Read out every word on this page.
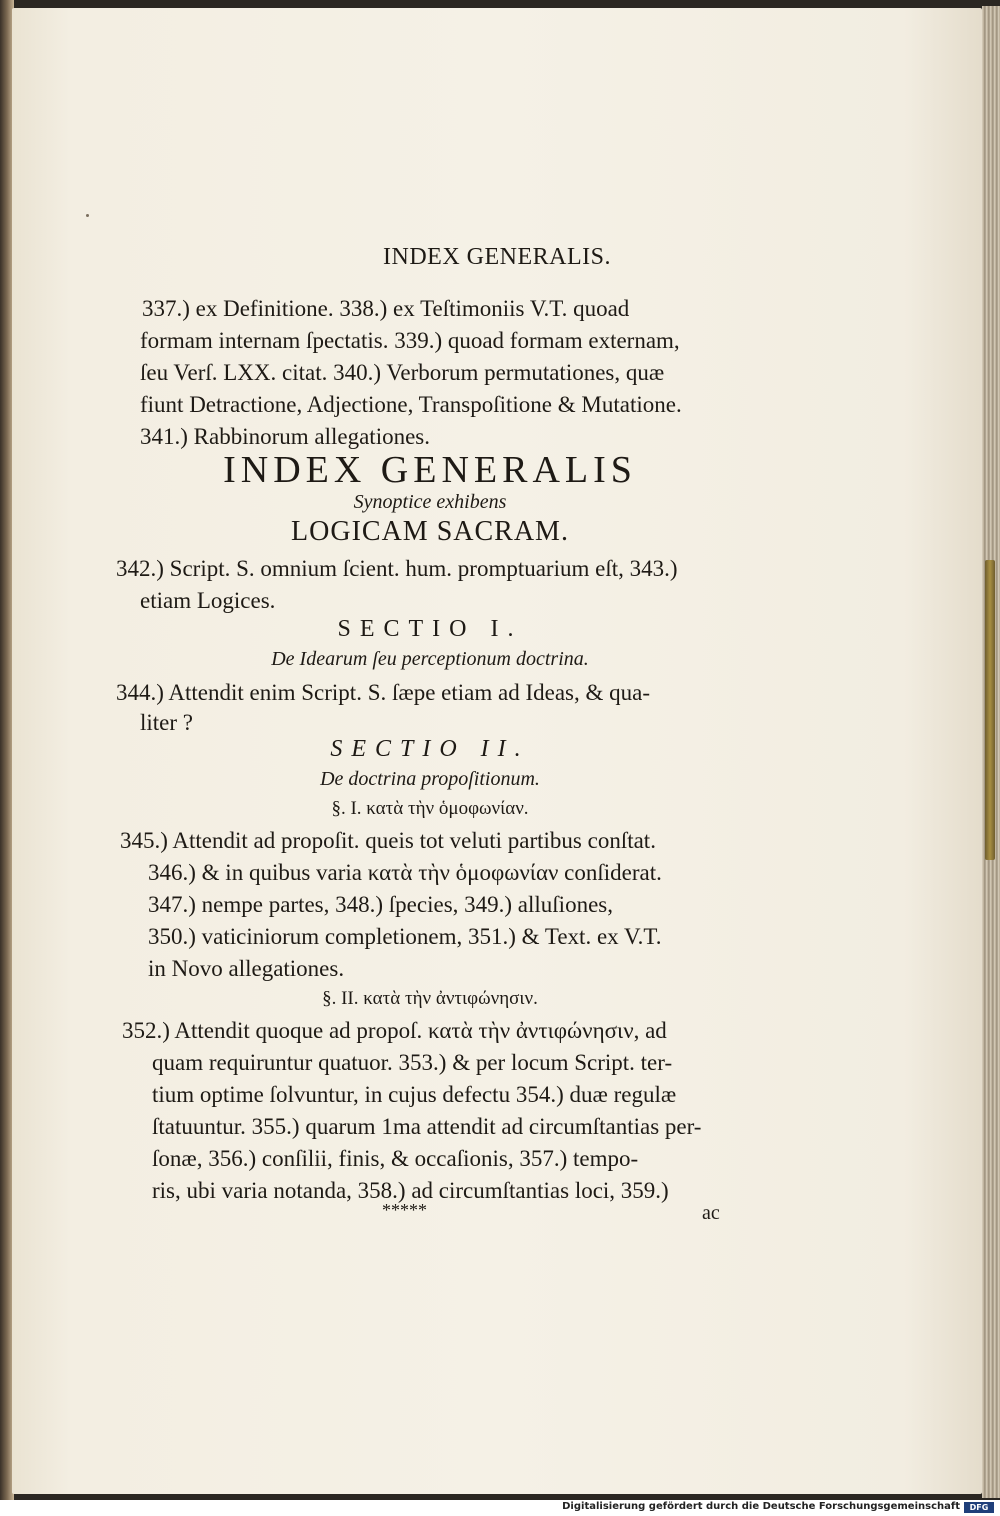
INDEX GENERALIS.
337.) ex Definitione. 338.) ex Teſtimoniis V.T. quoad
formam internam ſpectatis. 339.) quoad formam externam,
ſeu Verſ. LXX. citat. 340.) Verborum permutationes, quæ
fiunt Detractione, Adjectione, Transpoſitione & Mutatione.
341.) Rabbinorum allegationes.
INDEX GENERALIS
Synoptice exhibens
LOGICAM SACRAM.
342.) Script. S. omnium ſcient. hum. promptuarium eſt, 343.)
etiam Logices.
SECTIO I.
De Idearum ſeu perceptionum doctrina.
344.) Attendit enim Script. S. ſæpe etiam ad Ideas, & qua-
liter ?
SECTIO II.
De doctrina propoſitionum.
§. I. κατὰ τὴν ὁμοφωνίαν.
345.) Attendit ad propoſit. queis tot veluti partibus conſtat.
346.) & in quibus varia κατὰ τὴν ὁμοφωνίαν conſiderat.
347.) nempe partes, 348.) ſpecies, 349.) alluſiones,
350.) vaticiniorum completionem, 351.) & Text. ex V.T.
in Novo allegationes.
§. II. κατὰ τὴν ἀντιφώνησιν.
352.) Attendit quoque ad propoſ. κατὰ τὴν ἀντιφώνησιν, ad
quam requiruntur quatuor. 353.) & per locum Script. ter-
tium optime ſolvuntur, in cujus defectu 354.) duæ regulæ
ſtatuuntur. 355.) quarum 1ma attendit ad circumſtantias per-
ſonæ, 356.) conſilii, finis, & occaſionis, 357.) tempo-
ris, ubi varia notanda, 358.) ad circumſtantias loci, 359.)
*****	ac
Digitalisierung gefördert durch die Deutsche Forschungsgemeinschaft	DFG
